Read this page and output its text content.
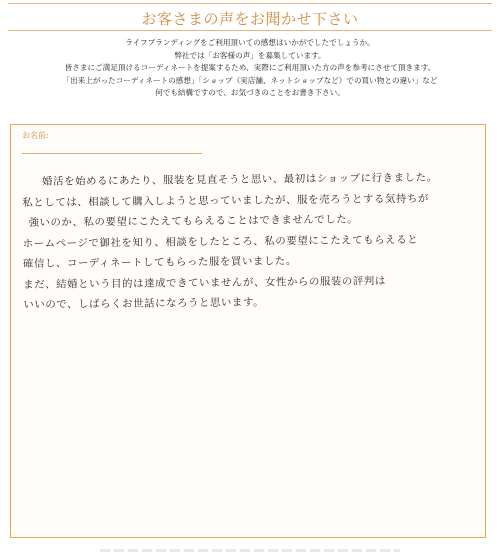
お客さまの声をお聞かせ下さい
ライフブランディングをご利用頂いての感想はいかがでしたでしょうか。
弊社では「お客様の声」を募集しています。
皆さまにご満足頂けるコーディネートを提案するため、実際にご利用頂いた方の声を参考にさせて頂きます。
「出来上がったコーディネートの感想」「ショップ（実店舗、ネットショップなど）での買い物との違い」など
何でも結構ですので、お気づきのことをお書き下さい。
お名前:
婚活を始めるにあたり、服装を見直そうと思い、最初はショップに行きました。
私としては、相談して購入しようと思っていましたが、服を売ろうとする気持ちが
強いのか、私の要望にこたえてもらえることはできませんでした。
ホームページで御社を知り、相談をしたところ、私の要望にこたえてもらえると
確信し、コーディネートしてもらった服を買いました。
まだ、結婚という目的は達成できていませんが、女性からの服装の評判は
いいので、しばらくお世話になろうと思います。
